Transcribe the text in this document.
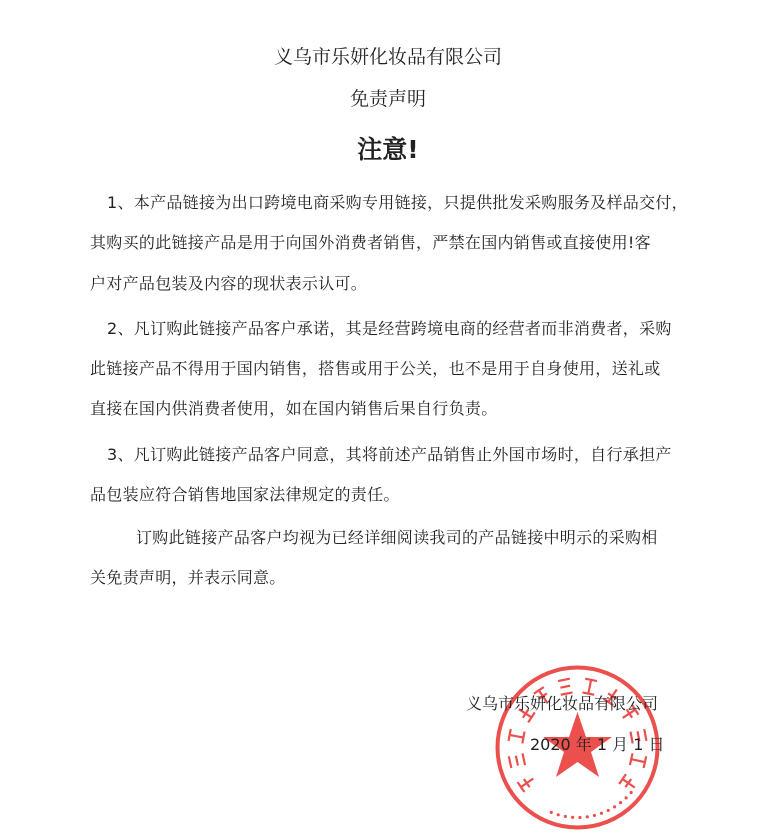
义乌市乐妍化妆品有限公司
免责声明
注意!
1、本产品链接为出口跨境电商采购专用链接，只提供批发采购服务及样品交付，
其购买的此链接产品是用于向国外消费者销售，严禁在国内销售或直接使用!客
户对产品包装及内容的现状表示认可。
2、凡订购此链接产品客户承诺，其是经营跨境电商的经营者而非消费者，采购
此链接产品不得用于国内销售，搭售或用于公关，也不是用于自身使用，送礼或
直接在国内供消费者使用，如在国内销售后果自行负责。
3、凡订购此链接产品客户同意，其将前述产品销售止外国市场时，自行承担产
品包装应符合销售地国家法律规定的责任。
订购此链接产品客户均视为已经详细阅读我司的产品链接中明示的采购相
关免责声明，并表示同意。
义乌市乐妍化妆品有限公司
2020 年 1 月 1 日
